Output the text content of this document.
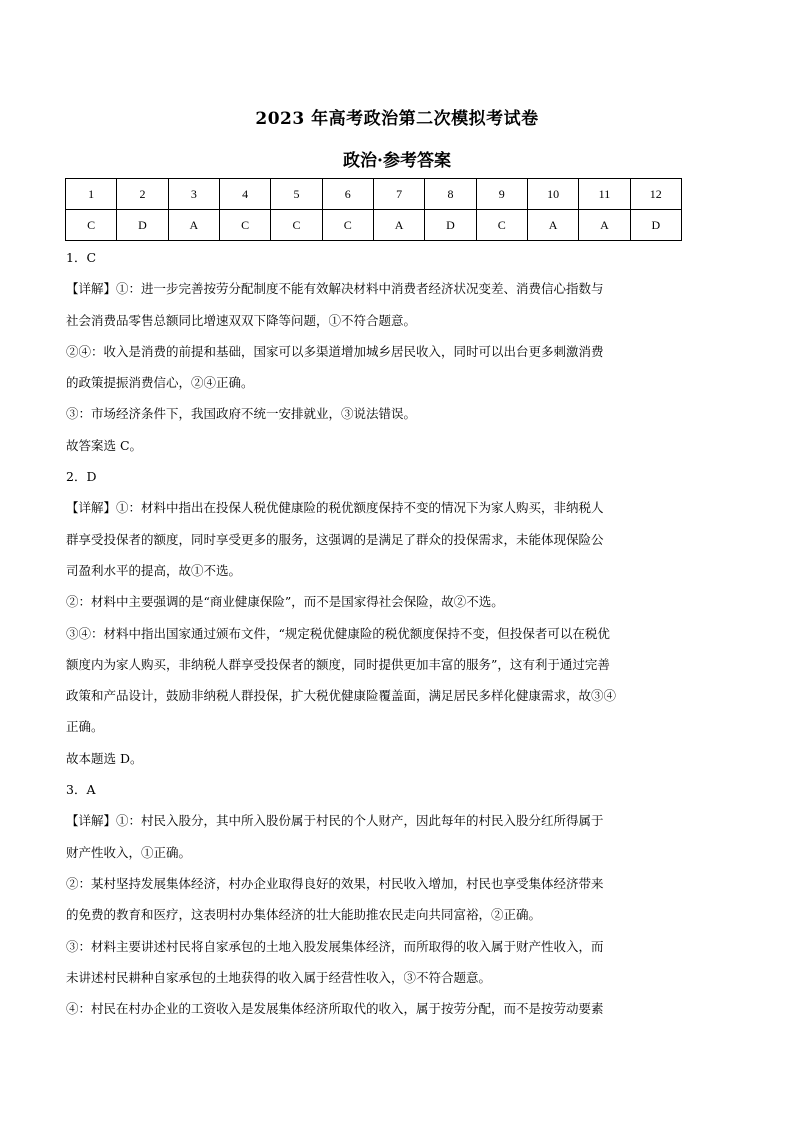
2023 年高考政治第二次模拟考试卷
政治·参考答案
1	2	3	4	5	6	7	8	9	10	11	12
C	D	A	C	C	C	A	D	C	A	A	D
1．C
【详解】①：进一步完善按劳分配制度不能有效解决材料中消费者经济状况变差、消费信心指数与
社会消费品零售总额同比增速双双下降等问题，①不符合题意。
②④：收入是消费的前提和基础，国家可以多渠道增加城乡居民收入，同时可以出台更多刺激消费
的政策提振消费信心，②④正确。
③：市场经济条件下，我国政府不统一安排就业，③说法错误。
故答案选 C。
2．D
【详解】①：材料中指出在投保人税优健康险的税优额度保持不变的情况下为家人购买，非纳税人
群享受投保者的额度，同时享受更多的服务，这强调的是满足了群众的投保需求，未能体现保险公
司盈利水平的提高，故①不选。
②：材料中主要强调的是“商业健康保险”，而不是国家得社会保险，故②不选。
③④：材料中指出国家通过颁布文件，“规定税优健康险的税优额度保持不变，但投保者可以在税优
额度内为家人购买，非纳税人群享受投保者的额度，同时提供更加丰富的服务”，这有利于通过完善
政策和产品设计，鼓励非纳税人群投保，扩大税优健康险覆盖面，满足居民多样化健康需求，故③④
正确。
故本题选 D。
3．A
【详解】①：村民入股分，其中所入股份属于村民的个人财产，因此每年的村民入股分红所得属于
财产性收入，①正确。
②：某村坚持发展集体经济，村办企业取得良好的效果，村民收入增加，村民也享受集体经济带来
的免费的教育和医疗，这表明村办集体经济的壮大能助推农民走向共同富裕，②正确。
③：材料主要讲述村民将自家承包的土地入股发展集体经济，而所取得的收入属于财产性收入，而
未讲述村民耕种自家承包的土地获得的收入属于经营性收入，③不符合题意。
④：村民在村办企业的工资收入是发展集体经济所取代的收入，属于按劳分配，而不是按劳动要素
